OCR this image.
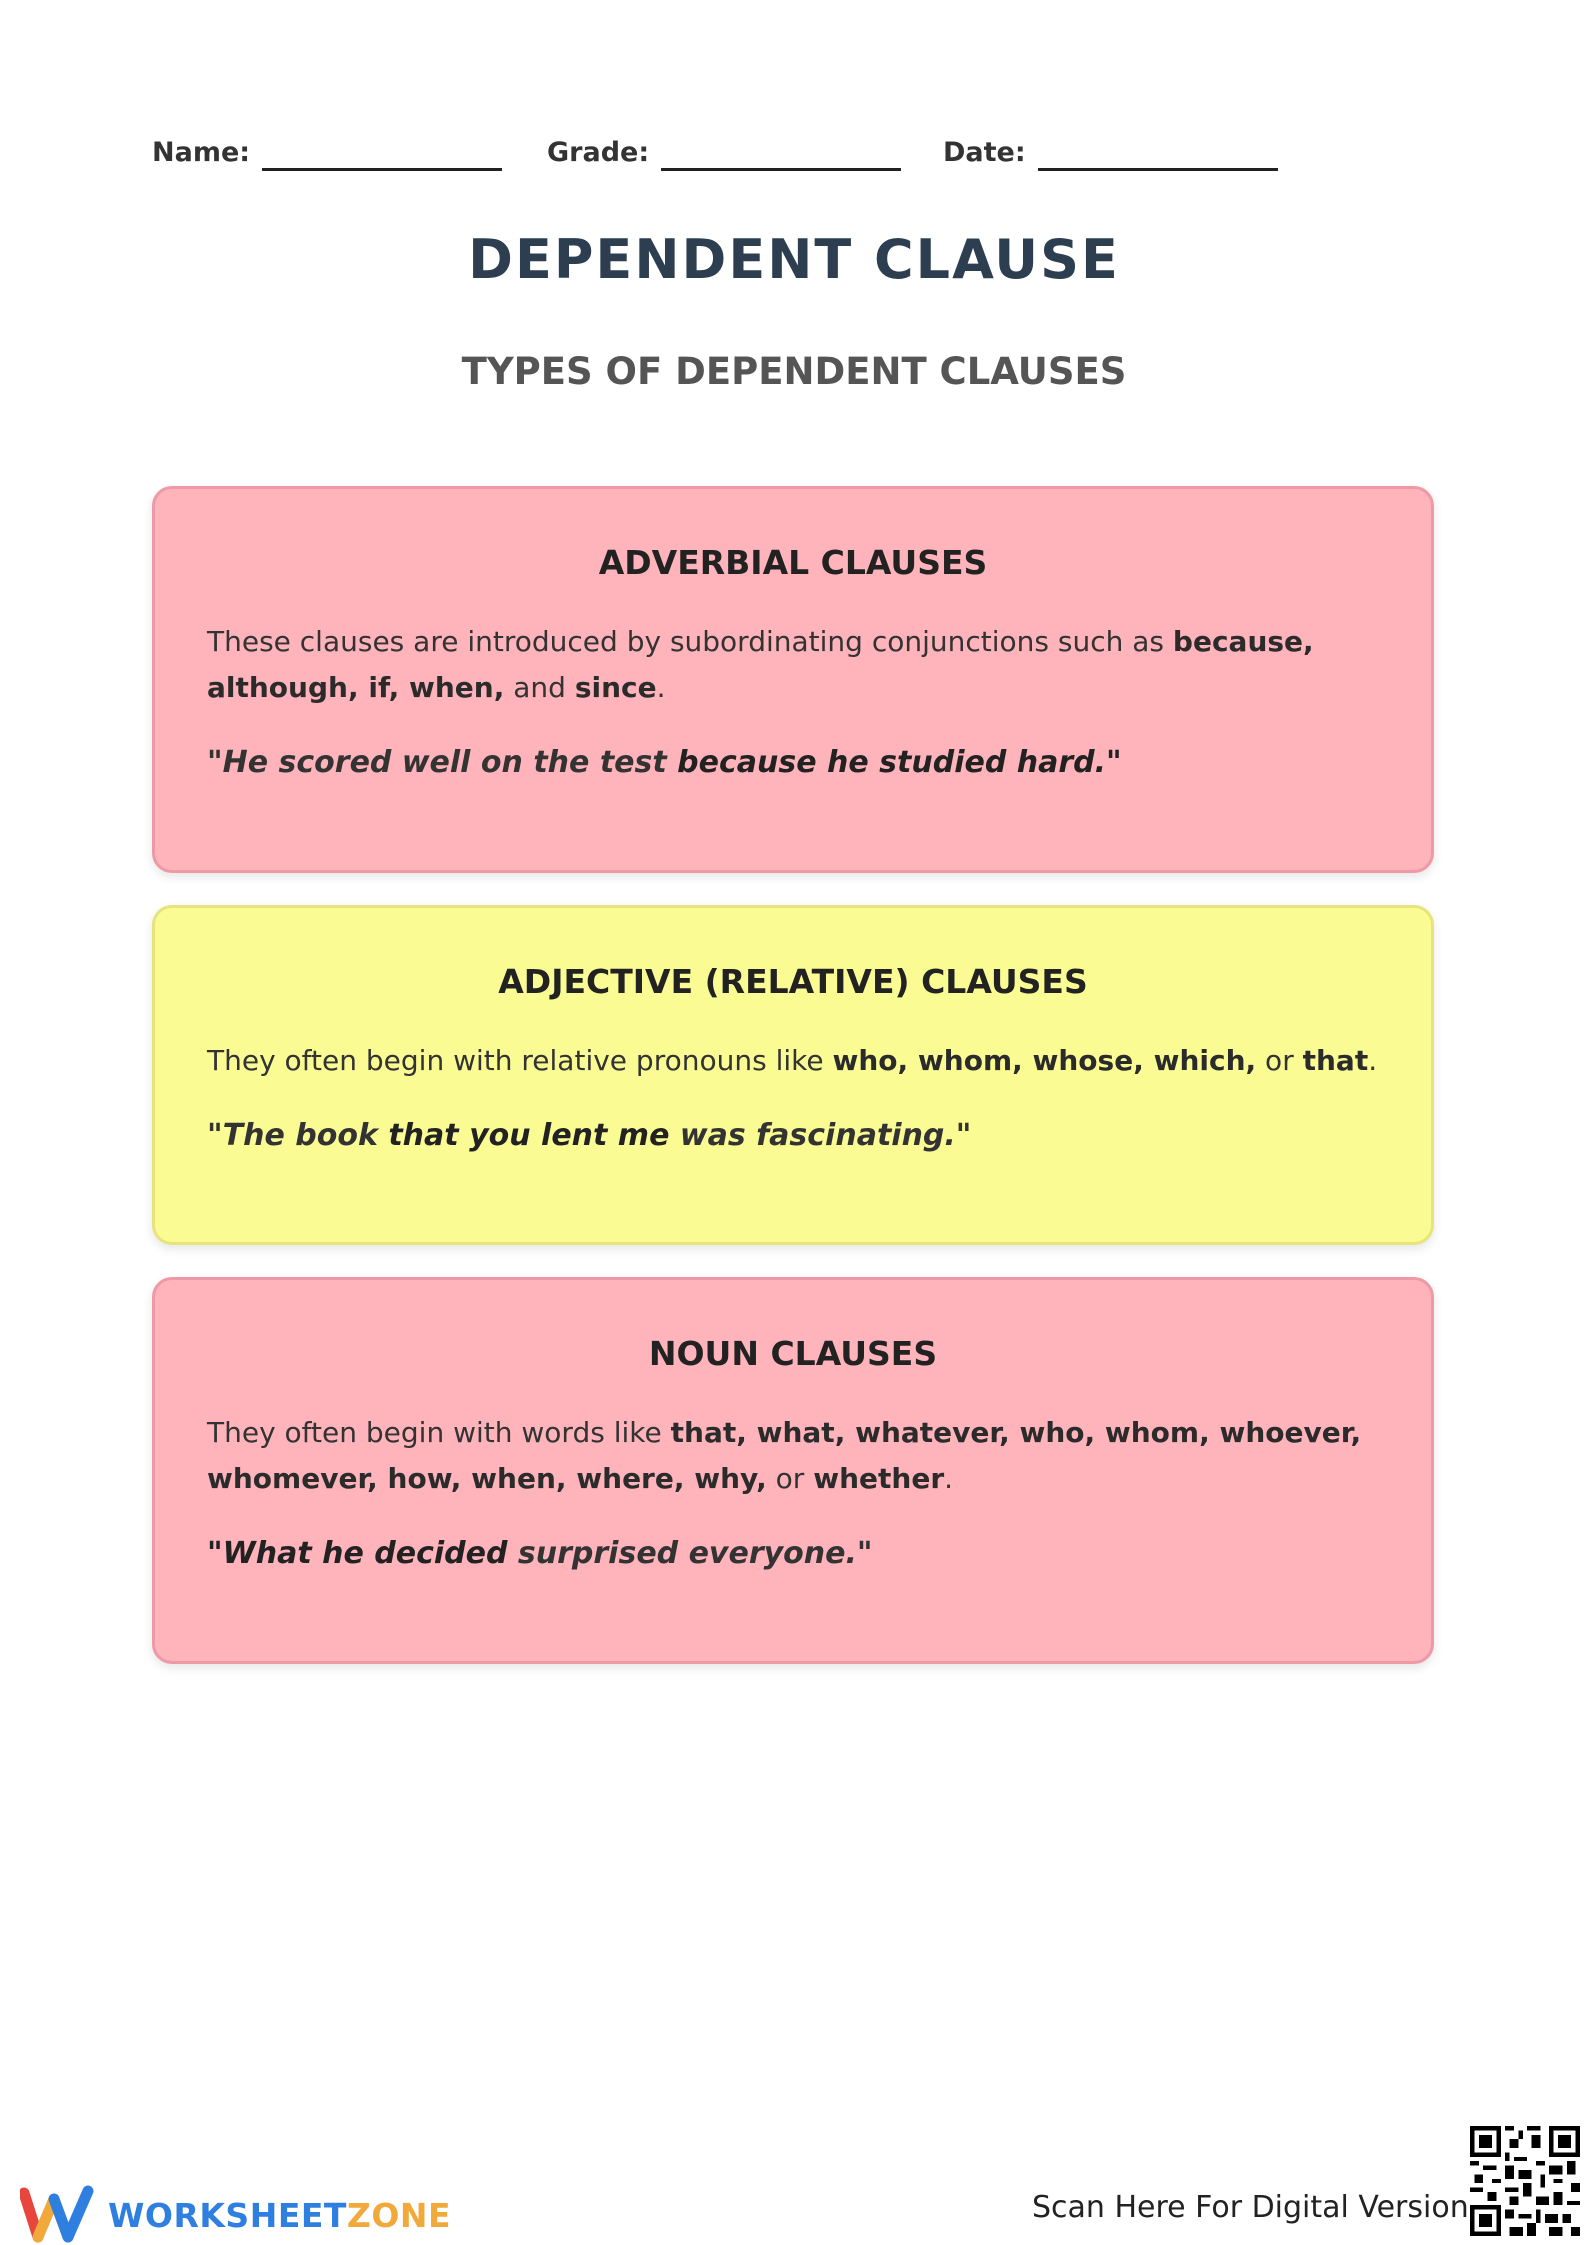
Name:	Grade:	Date:
DEPENDENT CLAUSE
TYPES OF DEPENDENT CLAUSES
ADVERBIAL CLAUSES

These clauses are introduced by subordinating conjunctions such as because, although, if, when, and since.

"He scored well on the test because he studied hard."

ADJECTIVE (RELATIVE) CLAUSES

They often begin with relative pronouns like who, whom, whose, which, or that.

"The book that you lent me was fascinating."

NOUN CLAUSES

They often begin with words like that, what, whatever, who, whom, whoever, whomever, how, when, where, why, or whether.

"What he decided surprised everyone."

WORKSHEETZONE	Scan Here For Digital Version
